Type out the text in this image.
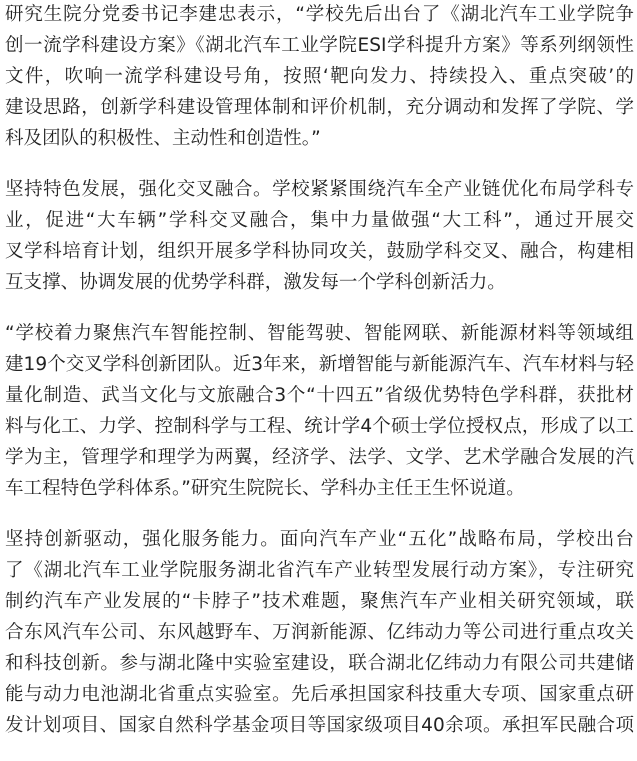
研究生院分党委书记李建忠表示，“学校先后出台了《湖北汽车工业学院争
创一流学科建设方案》《湖北汽车工业学院ESI学科提升方案》等系列纲领性
文件，吹响一流学科建设号角，按照‘靶向发力、持续投入、重点突破’的
建设思路，创新学科建设管理体制和评价机制，充分调动和发挥了学院、学
科及团队的积极性、主动性和创造性。”
坚持特色发展，强化交叉融合。学校紧紧围绕汽车全产业链优化布局学科专
业，促进“大车辆”学科交叉融合，集中力量做强“大工科”，通过开展交
叉学科培育计划，组织开展多学科协同攻关，鼓励学科交叉、融合，构建相
互支撑、协调发展的优势学科群，激发每一个学科创新活力。
“学校着力聚焦汽车智能控制、智能驾驶、智能网联、新能源材料等领域组
建19个交叉学科创新团队。近3年来，新增智能与新能源汽车、汽车材料与轻
量化制造、武当文化与文旅融合3个“十四五”省级优势特色学科群，获批材
料与化工、力学、控制科学与工程、统计学4个硕士学位授权点，形成了以工
学为主，管理学和理学为两翼，经济学、法学、文学、艺术学融合发展的汽
车工程特色学科体系。”研究生院院长、学科办主任王生怀说道。
坚持创新驱动，强化服务能力。面向汽车产业“五化”战略布局，学校出台
了《湖北汽车工业学院服务湖北省汽车产业转型发展行动方案》，专注研究
制约汽车产业发展的“卡脖子”技术难题，聚焦汽车产业相关研究领域，联
合东风汽车公司、东风越野车、万润新能源、亿纬动力等公司进行重点攻关
和科技创新。参与湖北隆中实验室建设，联合湖北亿纬动力有限公司共建储
能与动力电池湖北省重点实验室。先后承担国家科技重大专项、国家重点研
发计划项目、国家自然科学基金项目等国家级项目40余项。承担军民融合项
